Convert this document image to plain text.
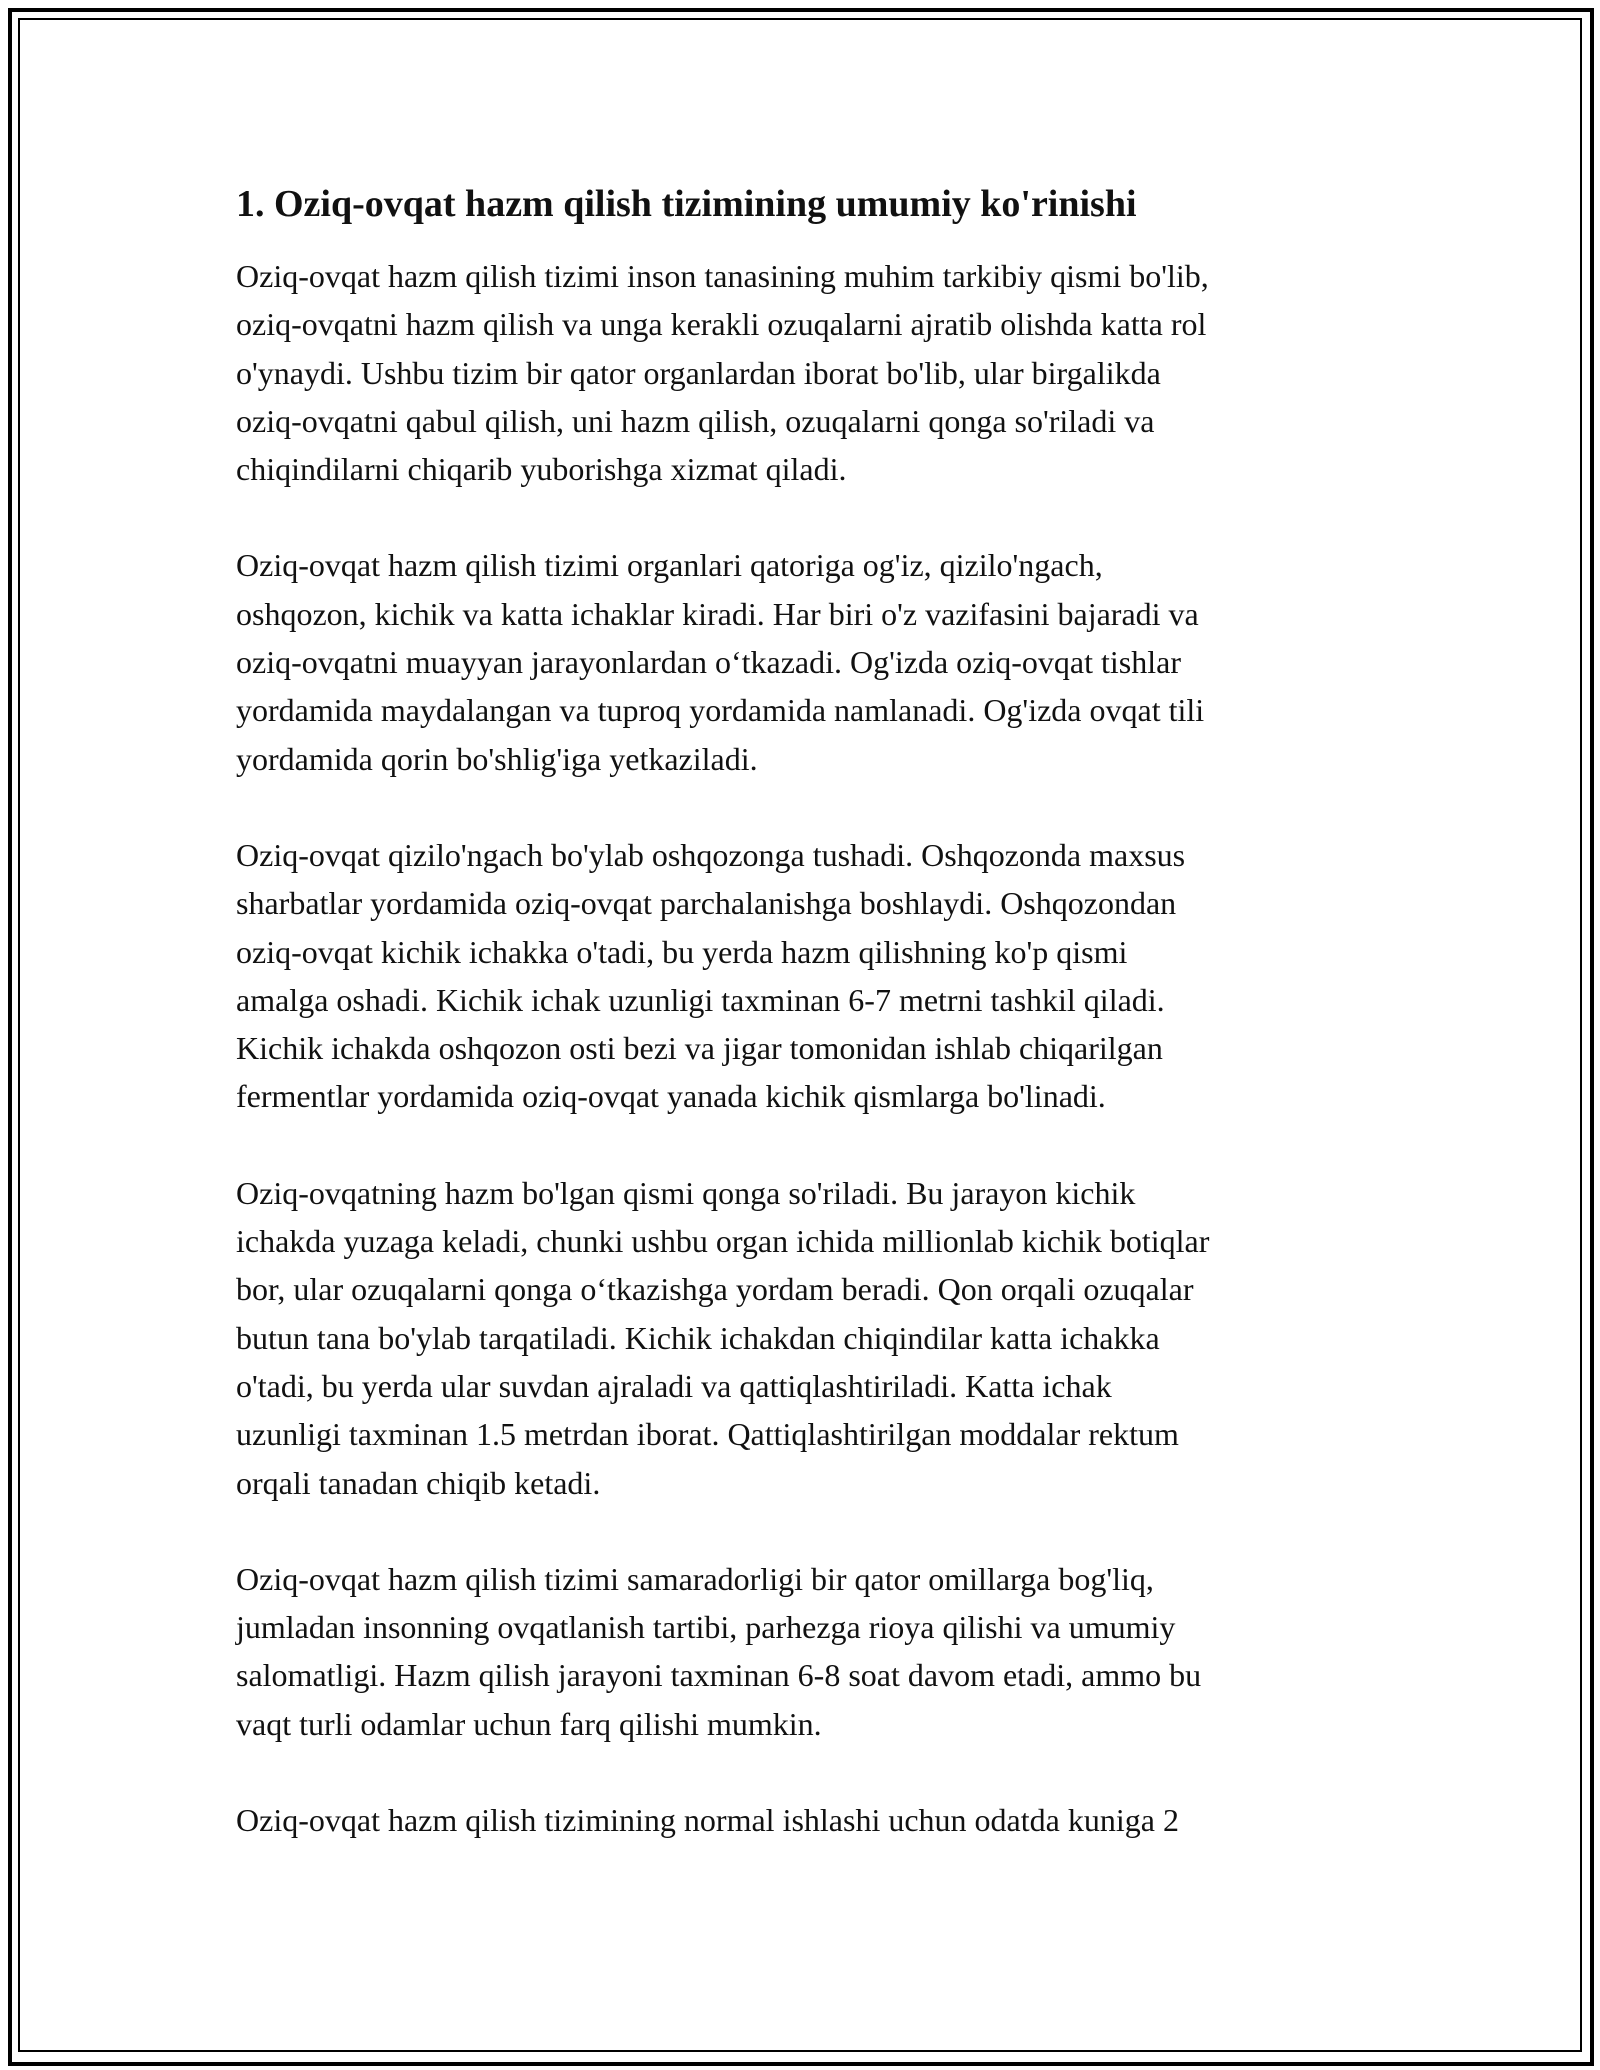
1. Oziq-ovqat hazm qilish tizimining umumiy ko'rinishi

Oziq-ovqat hazm qilish tizimi inson tanasining muhim tarkibiy qismi bo'lib,
oziq-ovqatni hazm qilish va unga kerakli ozuqalarni ajratib olishda katta rol
o'ynaydi. Ushbu tizim bir qator organlardan iborat bo'lib, ular birgalikda
oziq-ovqatni qabul qilish, uni hazm qilish, ozuqalarni qonga so'riladi va
chiqindilarni chiqarib yuborishga xizmat qiladi.

Oziq-ovqat hazm qilish tizimi organlari qatoriga og'iz, qizilo'ngach,
oshqozon, kichik va katta ichaklar kiradi. Har biri o'z vazifasini bajaradi va
oziq-ovqatni muayyan jarayonlardan oʻtkazadi. Og'izda oziq-ovqat tishlar
yordamida maydalangan va tuproq yordamida namlanadi. Og'izda ovqat tili
yordamida qorin bo'shlig'iga yetkaziladi.

Oziq-ovqat qizilo'ngach bo'ylab oshqozonga tushadi. Oshqozonda maxsus
sharbatlar yordamida oziq-ovqat parchalanishga boshlaydi. Oshqozondan
oziq-ovqat kichik ichakka o'tadi, bu yerda hazm qilishning ko'p qismi
amalga oshadi. Kichik ichak uzunligi taxminan 6-7 metrni tashkil qiladi.
Kichik ichakda oshqozon osti bezi va jigar tomonidan ishlab chiqarilgan
fermentlar yordamida oziq-ovqat yanada kichik qismlarga bo'linadi.

Oziq-ovqatning hazm bo'lgan qismi qonga so'riladi. Bu jarayon kichik
ichakda yuzaga keladi, chunki ushbu organ ichida millionlab kichik botiqlar
bor, ular ozuqalarni qonga oʻtkazishga yordam beradi. Qon orqali ozuqalar
butun tana bo'ylab tarqatiladi. Kichik ichakdan chiqindilar katta ichakka
o'tadi, bu yerda ular suvdan ajraladi va qattiqlashtiriladi. Katta ichak
uzunligi taxminan 1.5 metrdan iborat. Qattiqlashtirilgan moddalar rektum
orqali tanadan chiqib ketadi.

Oziq-ovqat hazm qilish tizimi samaradorligi bir qator omillarga bog'liq,
jumladan insonning ovqatlanish tartibi, parhezga rioya qilishi va umumiy
salomatligi. Hazm qilish jarayoni taxminan 6-8 soat davom etadi, ammo bu
vaqt turli odamlar uchun farq qilishi mumkin.

Oziq-ovqat hazm qilish tizimining normal ishlashi uchun odatda kuniga 2
